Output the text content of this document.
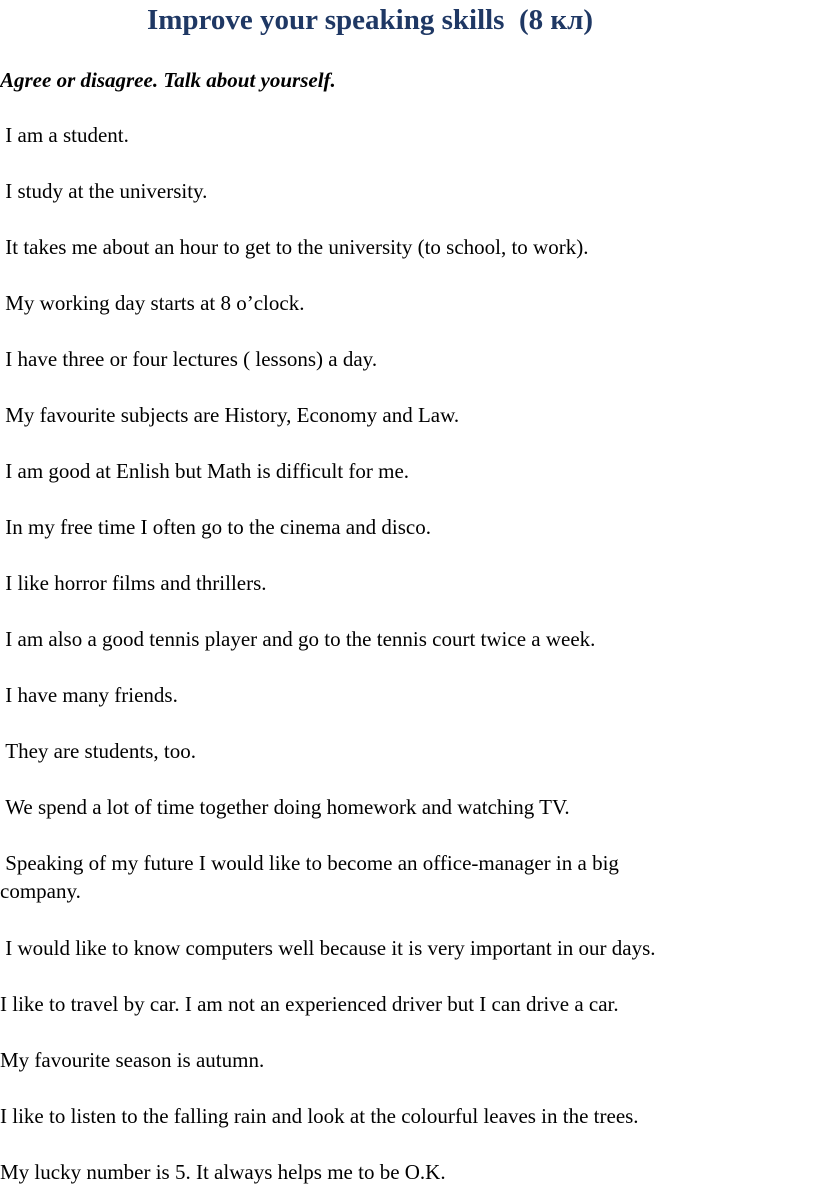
Improve your speaking skills  (8 кл)
Agree or disagree. Talk about yourself.
I am a student.
I study at the university.
It takes me about an hour to get to the university (to school, to work).
My working day starts at 8 o’clock.
I have three or four lectures ( lessons) a day.
My favourite subjects are History, Economy and Law.
I am good at Enlish but Math is difficult for me.
In my free time I often go to the cinema and disco.
I like horror films and thrillers.
I am also a good tennis player and go to the tennis court twice a week.
I have many friends.
They are students, too.
We spend a lot of time together doing homework and watching TV.
Speaking of my future I would like to become an office-manager in a big
company.
I would like to know computers well because it is very important in our days.
I like to travel by car. I am not an experienced driver but I can drive a car.
My favourite season is autumn.
I like to listen to the falling rain and look at the colourful leaves in the trees.
My lucky number is 5. It always helps me to be O.K.
